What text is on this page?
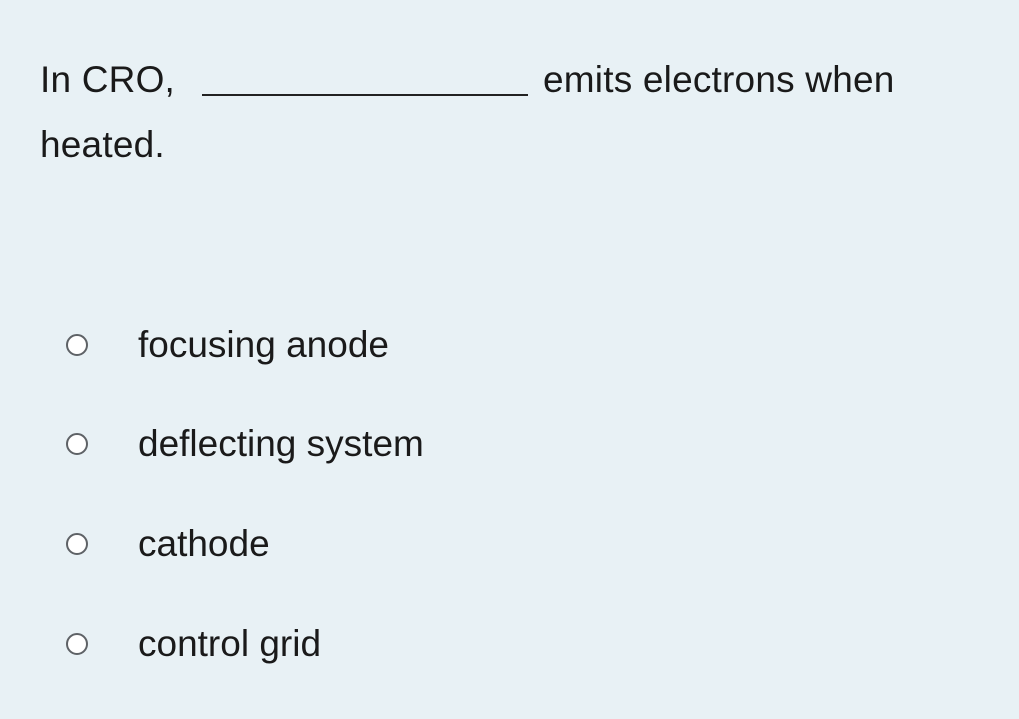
In CRO,	emits electrons when
heated.
focusing anode
deflecting system
cathode
control grid
